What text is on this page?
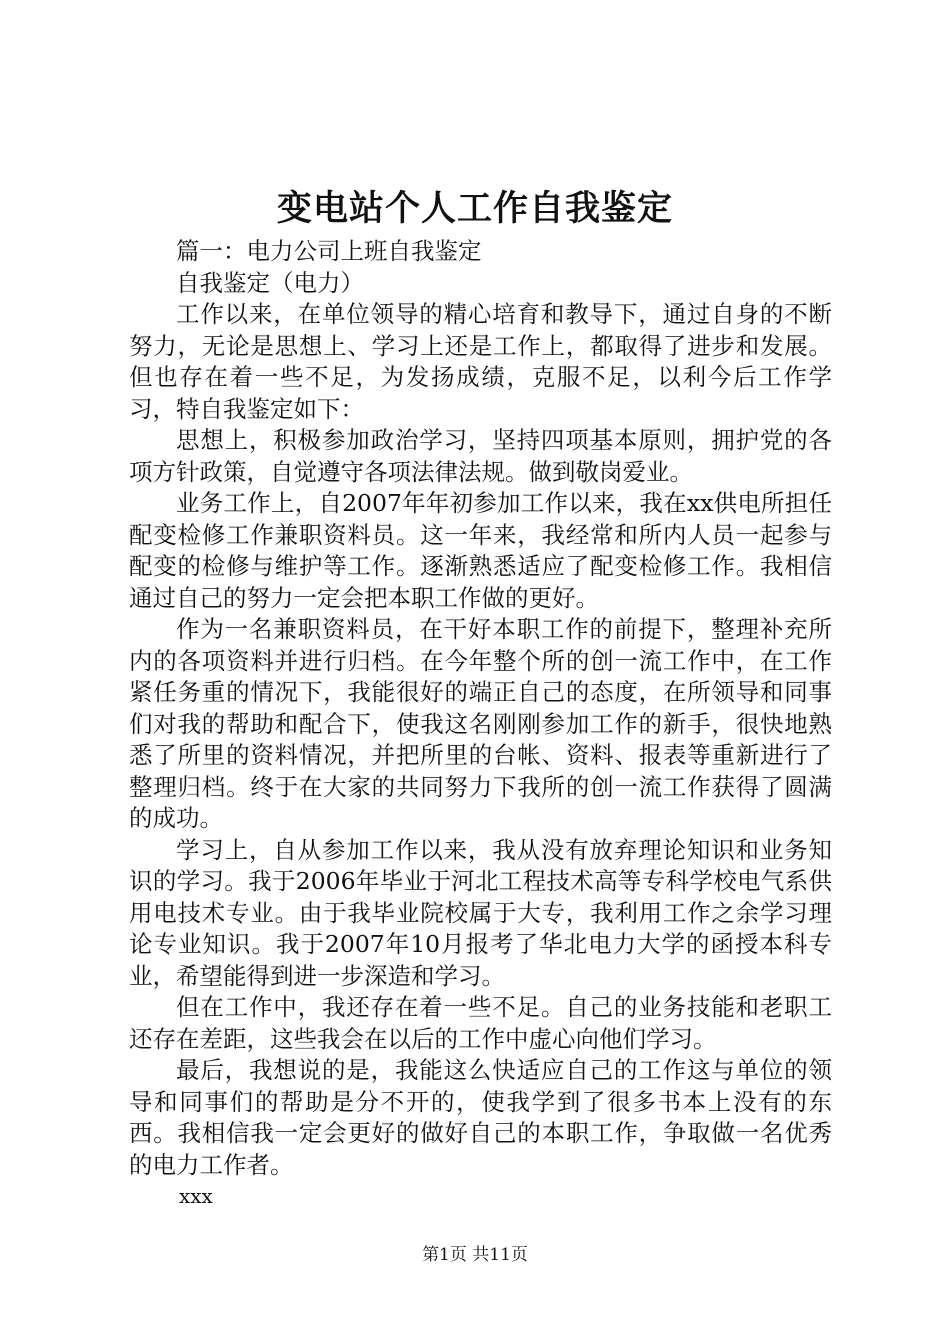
变电站个人工作自我鉴定

篇一：电力公司上班自我鉴定

自我鉴定（电力）

工作以来，在单位领导的精心培育和教导下，通过自身的不断努力，无论是思想上、学习上还是工作上，都取得了进步和发展。但也存在着一些不足，为发扬成绩，克服不足，以利今后工作学习，特自我鉴定如下：

思想上，积极参加政治学习，坚持四项基本原则，拥护党的各项方针政策，自觉遵守各项法律法规。做到敬岗爱业。

业务工作上，自2007年年初参加工作以来，我在xx供电所担任配变检修工作兼职资料员。这一年来，我经常和所内人员一起参与配变的检修与维护等工作。逐渐熟悉适应了配变检修工作。我相信通过自己的努力一定会把本职工作做的更好。

作为一名兼职资料员，在干好本职工作的前提下，整理补充所内的各项资料并进行归档。在今年整个所的创一流工作中，在工作紧任务重的情况下，我能很好的端正自己的态度，在所领导和同事们对我的帮助和配合下，使我这名刚刚参加工作的新手，很快地熟悉了所里的资料情况，并把所里的台帐、资料、报表等重新进行了整理归档。终于在大家的共同努力下我所的创一流工作获得了圆满的成功。

学习上，自从参加工作以来，我从没有放弃理论知识和业务知识的学习。我于2006年毕业于河北工程技术高等专科学校电气系供用电技术专业。由于我毕业院校属于大专，我利用工作之余学习理论专业知识。我于2007年10月报考了华北电力大学的函授本科专业，希望能得到进一步深造和学习。

但在工作中，我还存在着一些不足。自己的业务技能和老职工还存在差距，这些我会在以后的工作中虚心向他们学习。

最后，我想说的是，我能这么快适应自己的工作这与单位的领导和同事们的帮助是分不开的，使我学到了很多书本上没有的东西。我相信我一定会更好的做好自己的本职工作，争取做一名优秀的电力工作者。

xxx

第1页 共11页
